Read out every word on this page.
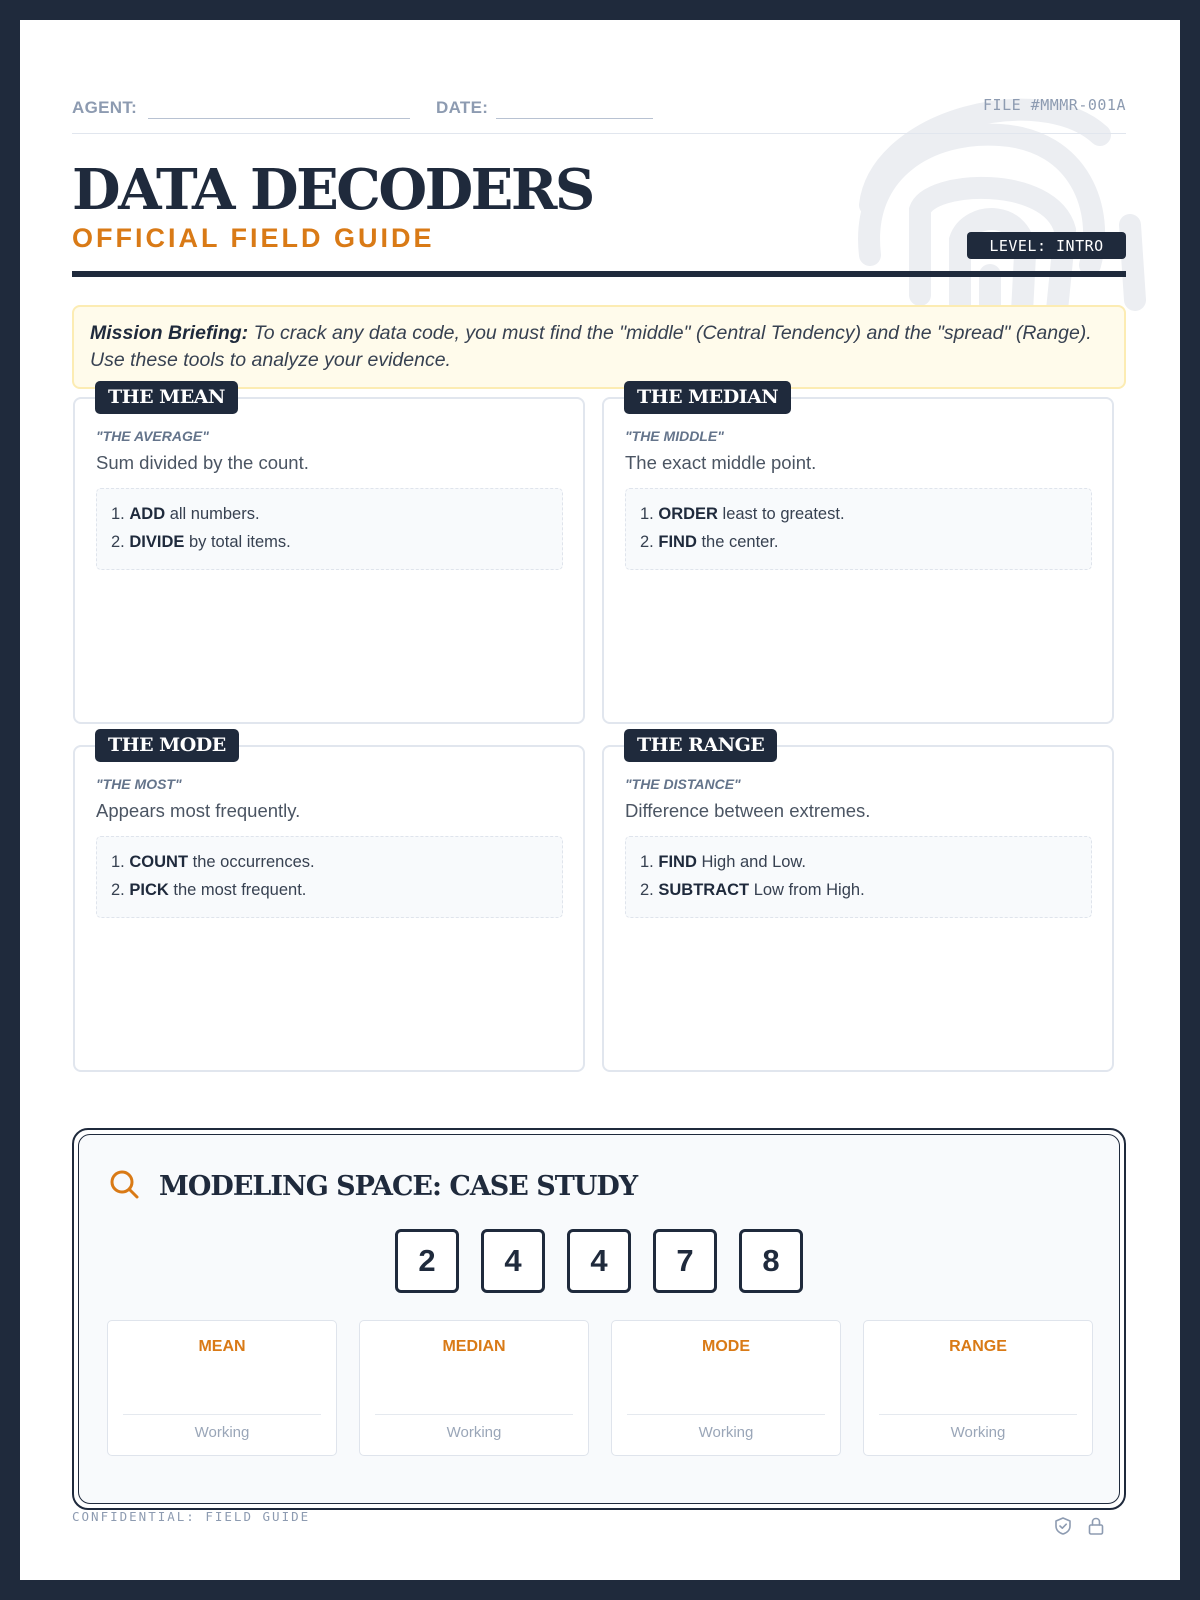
AGENT:	DATE:	FILE #MMMR-001A
DATA DECODERS
OFFICIAL FIELD GUIDE	LEVEL: INTRO
Mission Briefing: To crack any data code, you must find the "middle" (Central Tendency) and the "spread" (Range). Use these tools to analyze your evidence.
THE MEAN
"THE AVERAGE"
Sum divided by the count.
1. ADD all numbers.
2. DIVIDE by total items.
THE MEDIAN
"THE MIDDLE"
The exact middle point.
1. ORDER least to greatest.
2. FIND the center.
THE MODE
"THE MOST"
Appears most frequently.
1. COUNT the occurrences.
2. PICK the most frequent.
THE RANGE
"THE DISTANCE"
Difference between extremes.
1. FIND High and Low.
2. SUBTRACT Low from High.
MODELING SPACE: CASE STUDY
2	4	4	7	8
MEAN
Working
MEDIAN
Working
MODE
Working
RANGE
Working
CONFIDENTIAL: FIELD GUIDE
